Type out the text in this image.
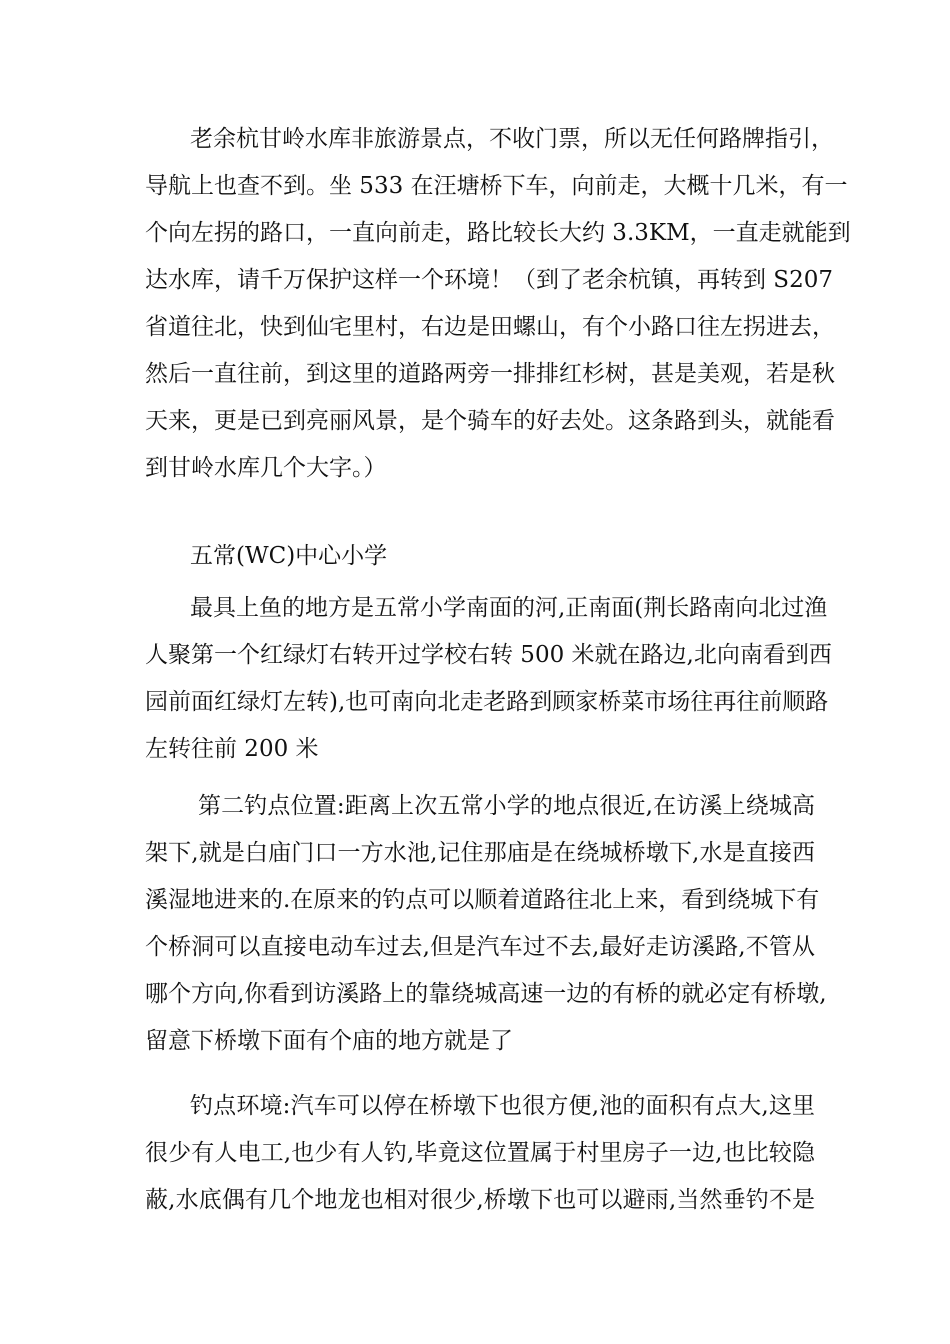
老余杭甘岭水库非旅游景点，不收门票，所以无任何路牌指引，
导航上也查不到。坐 533 在汪塘桥下车，向前走，大概十几米，有一
个向左拐的路口，一直向前走，路比较长大约 3.3KM，一直走就能到
达水库，请千万保护这样一个环境！（到了老余杭镇，再转到 S207
省道往北，快到仙宅里村，右边是田螺山，有个小路口往左拐进去，
然后一直往前，到这里的道路两旁一排排红杉树，甚是美观，若是秋
天来，更是已到亮丽风景，是个骑车的好去处。这条路到头，就能看
到甘岭水库几个大字。）
五常(WC)中心小学
最具上鱼的地方是五常小学南面的河,正南面(荆长路南向北过渔
人聚第一个红绿灯右转开过学校右转 500 米就在路边,北向南看到西
园前面红绿灯左转),也可南向北走老路到顾家桥菜市场往再往前顺路
左转往前 200 米
第二钓点位置:距离上次五常小学的地点很近,在访溪上绕城高
架下,就是白庙门口一方水池,记住那庙是在绕城桥墩下,水是直接西
溪湿地进来的.在原来的钓点可以顺着道路往北上来，看到绕城下有
个桥洞可以直接电动车过去,但是汽车过不去,最好走访溪路,不管从
哪个方向,你看到访溪路上的靠绕城高速一边的有桥的就必定有桥墩,
留意下桥墩下面有个庙的地方就是了
钓点环境:汽车可以停在桥墩下也很方便,池的面积有点大,这里
很少有人电工,也少有人钓,毕竟这位置属于村里房子一边,也比较隐
蔽,水底偶有几个地龙也相对很少,桥墩下也可以避雨,当然垂钓不是
